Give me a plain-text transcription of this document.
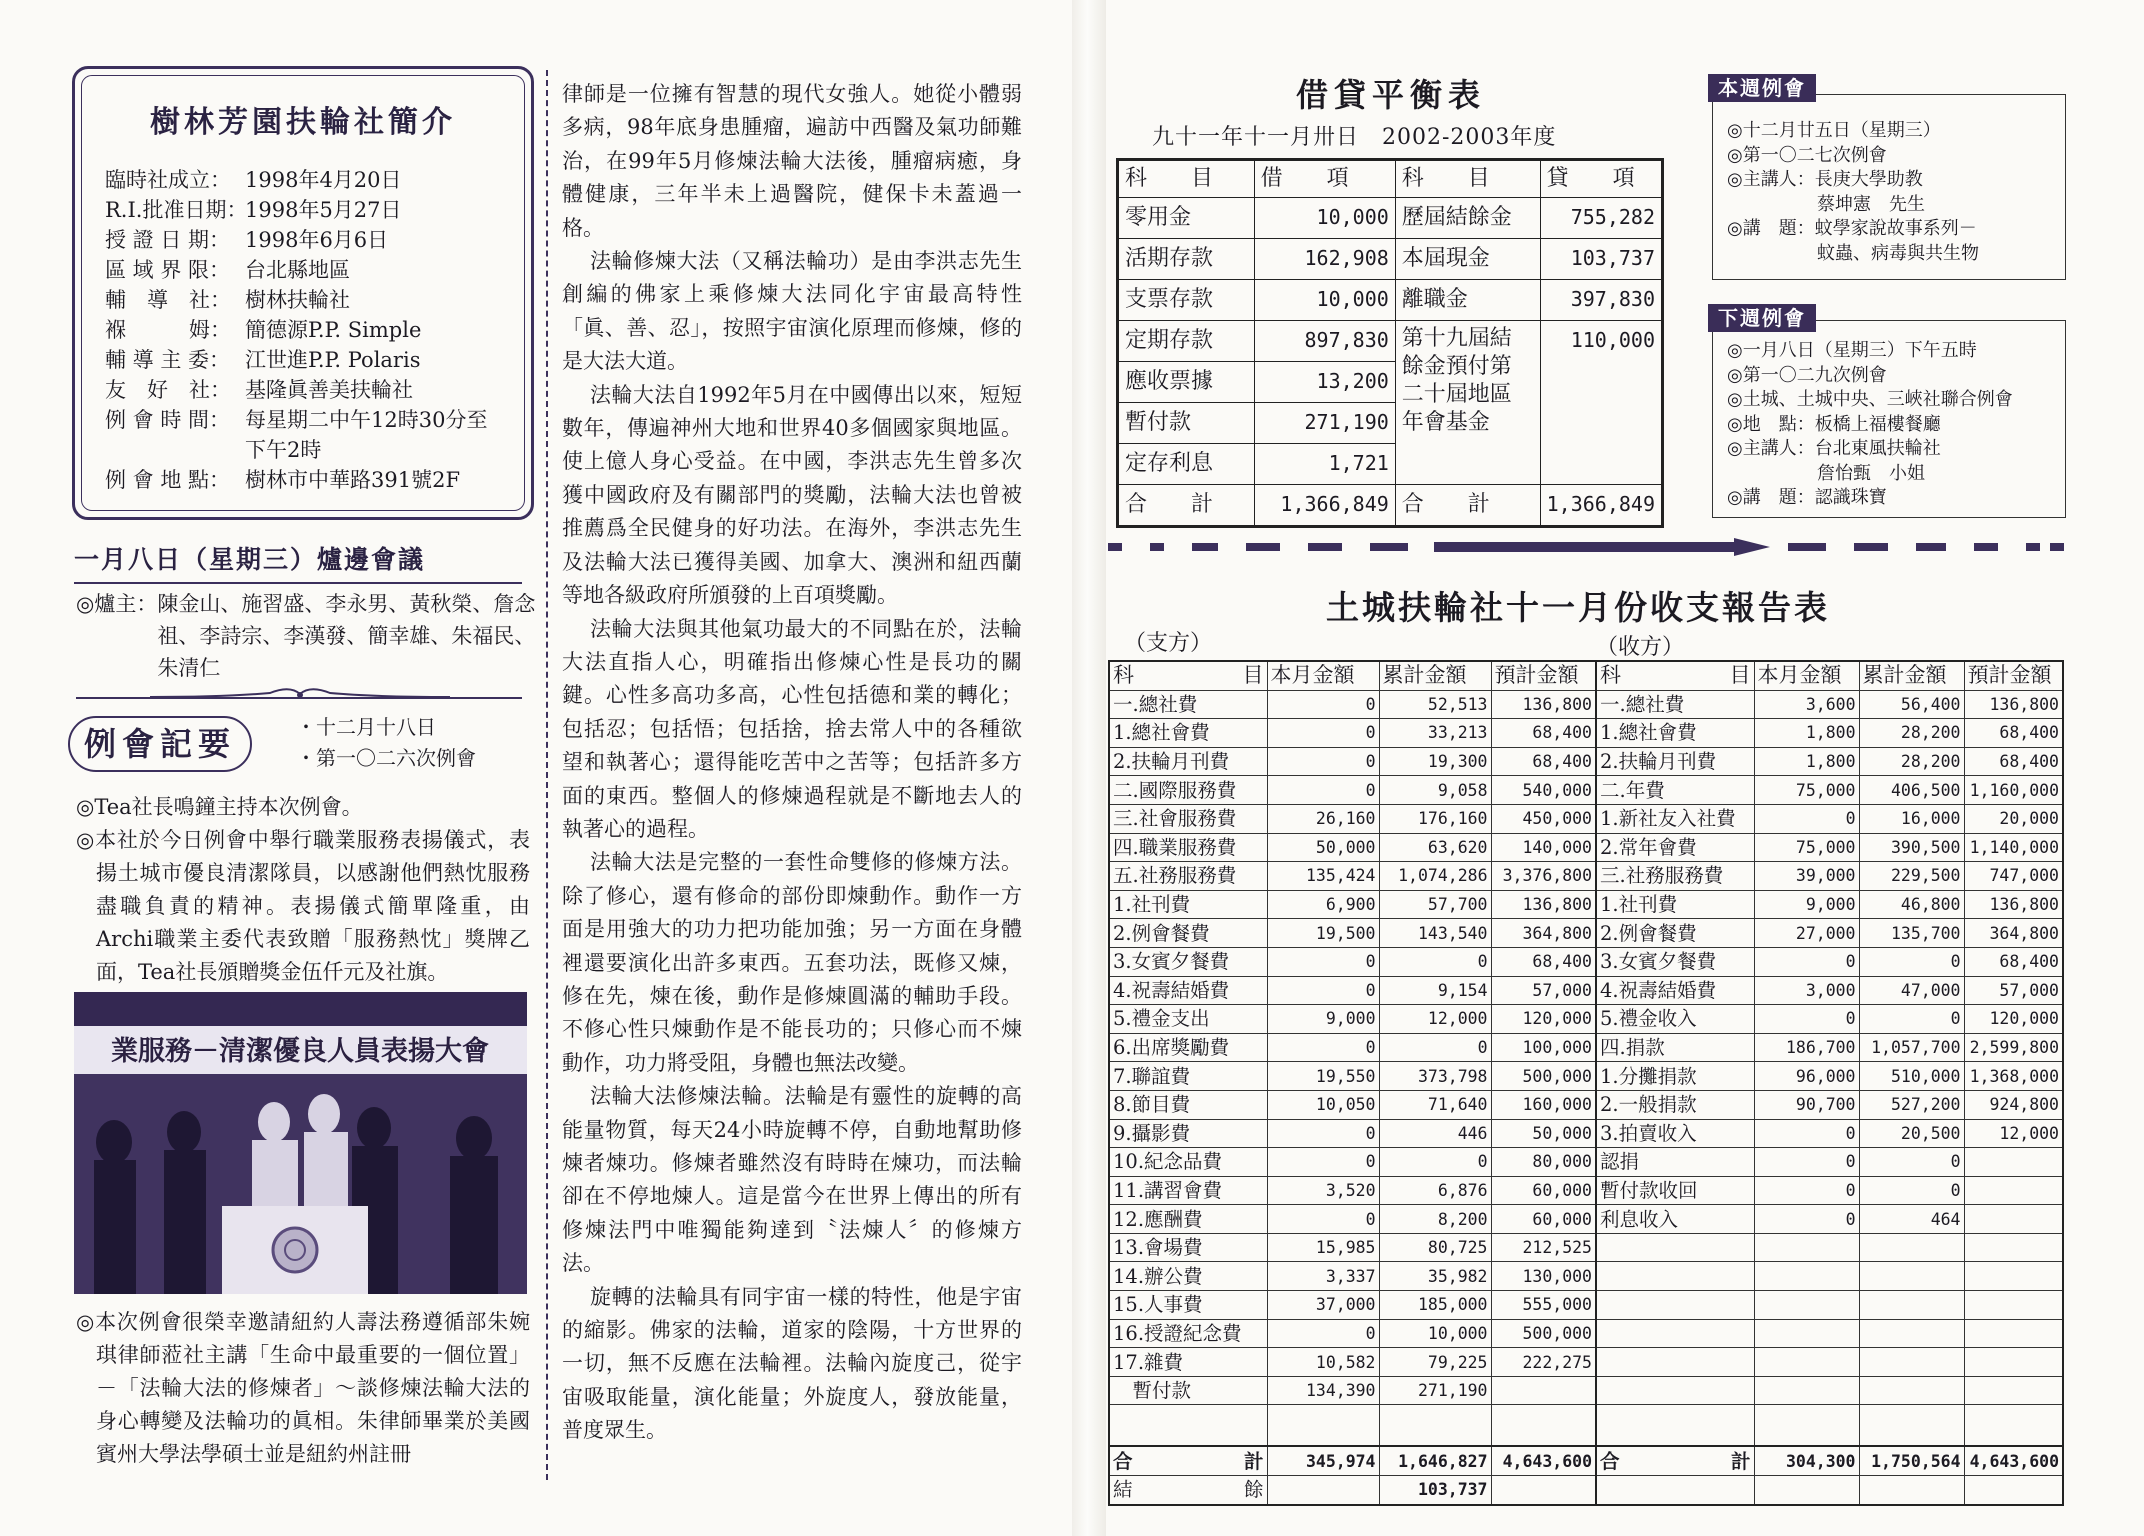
樹林芳園扶輪社簡介
臨時社成立： 1998年4月20日
R.I.批准日期：
1998年5月27日
授 證 日 期： 1998年6月6日
區 域 界 限： 台北縣地區
輔　導　社： 樹林扶輪社
褓　　　姆： 簡德源P.P. Simple
輔 導 主 委： 江世進P.P. Polaris
友　好　社： 基隆眞善美扶輪社
例 會 時 間： 每星期二中午12時30分至下午2時
例 會 地 點： 樹林市中華路391號2F
一月八日（星期三）爐邊會議
◎爐主： 陳金山、施習盛、李永男、黃秋榮、詹念祖、李詩宗、李漢發、簡幸雄、朱福民、朱清仁
例會記要	・十二月十八日
・第一〇二六次例會
◎Tea社長鳴鐘主持本次例會。
◎本社於今日例會中舉行職業服務表揚儀式，表揚土城市優良清潔隊員，以感謝他們熱忱服務盡職負責的精神。表揚儀式簡單隆重，由Archi職業主委代表致贈「服務熱忱」獎牌乙面，Tea社長頒贈獎金伍仟元及社旗。
業服務－清潔優良人員表揚大會
◎本次例會很榮幸邀請紐約人壽法務遵循部朱婉琪律師蒞社主講「生命中最重要的一個位置」－「法輪大法的修煉者」～談修煉法輪大法的身心轉變及法輪功的眞相。朱律師畢業於美國賓州大學法學碩士並是紐約州註冊

律師是一位擁有智慧的現代女強人。她從小體弱多病，98年底身患腫瘤，遍訪中西醫及氣功師難治，在99年5月修煉法輪大法後，腫瘤病癒，身體健康，三年半未上過醫院，健保卡未蓋過一格。

法輪修煉大法（又稱法輪功）是由李洪志先生創編的佛家上乘修煉大法同化宇宙最高特性「眞、善、忍」，按照宇宙演化原理而修煉，修的是大法大道。

法輪大法自1992年5月在中國傳出以來，短短數年，傳遍神州大地和世界40多個國家與地區。使上億人身心受益。在中國，李洪志先生曾多次獲中國政府及有關部門的獎勵，法輪大法也曾被推薦爲全民健身的好功法。在海外，李洪志先生及法輪大法已獲得美國、加拿大、澳洲和紐西蘭等地各級政府所頒發的上百項獎勵。

法輪大法與其他氣功最大的不同點在於，法輪大法直指人心，明確指出修煉心性是長功的關鍵。心性多高功多高，心性包括德和業的轉化；包括忍；包括悟；包括捨，捨去常人中的各種欲望和執著心；還得能吃苦中之苦等；包括許多方面的東西。整個人的修煉過程就是不斷地去人的執著心的過程。

法輪大法是完整的一套性命雙修的修煉方法。除了修心，還有修命的部份即煉動作。動作一方面是用強大的功力把功能加強；另一方面在身體裡還要演化出許多東西。五套功法，既修又煉，修在先，煉在後，動作是修煉圓滿的輔助手段。不修心性只煉動作是不能長功的；只修心而不煉動作，功力將受阻，身體也無法改變。

法輪大法修煉法輪。法輪是有靈性的旋轉的高能量物質，每天24小時旋轉不停，自動地幫助修煉者煉功。修煉者雖然沒有時時在煉功，而法輪卻在不停地煉人。這是當今在世界上傳出的所有修煉法門中唯獨能夠達到〝法煉人〞的修煉方法。

旋轉的法輪具有同宇宙一樣的特性，他是宇宙的縮影。佛家的法輪，道家的陰陽，十方世界的一切，無不反應在法輪裡。法輪內旋度己，從宇宙吸取能量，演化能量；外旋度人，發放能量，普度眾生。

借貸平衡表
九十一年十一月卅日　2002-2003年度
科　　目	借　　項	科　　目	貸　　項
零用金	10,000	歷屆結餘金	755,282
活期存款	162,908	本屆現金	103,737
支票存款	10,000	離職金	397,830
定期存款	897,830	第十九屆結餘金預付第二十屆地區年會基金	110,000
應收票據	13,200		
暫付款	271,190		
定存利息	1,721		
合　　計	1,366,849	合　　計	1,366,849
◎十二月廿五日（星期三）
◎第一〇二七次例會
◎主講人：長庚大學助教
　　　　　蔡坤憲　先生
◎講　題：蚊學家說故事系列－
　　　　　蚊蟲、病毒與共生物
本週例會
◎一月八日（星期三）下午五時
◎第一〇二九次例會
◎土城、土城中央、三峽社聯合例會
◎地　點：板橋上福樓餐廳
◎主講人：台北東風扶輪社
　　　　　詹怡甄　小姐
◎講　題：認識珠寶
下週例會
土城扶輪社十一月份收支報告表
（支方）	（收方）
科 目	本月金額	累計金額	預計金額	科 目	本月金額	累計金額	預計金額
一.總社費	0	52,513	136,800	一.總社費	3,600	56,400	136,800
1.總社會費	0	33,213	68,400	1.總社會費	1,800	28,200	68,400
2.扶輪月刊費	0	19,300	68,400	2.扶輪月刊費	1,800	28,200	68,400
二.國際服務費	0	9,058	540,000	二.年費	75,000	406,500	1,160,000
三.社會服務費	26,160	176,160	450,000	1.新社友入社費	0	16,000	20,000
四.職業服務費	50,000	63,620	140,000	2.常年會費	75,000	390,500	1,140,000
五.社務服務費	135,424	1,074,286	3,376,800	三.社務服務費	39,000	229,500	747,000
1.社刊費	6,900	57,700	136,800	1.社刊費	9,000	46,800	136,800
2.例會餐費	19,500	143,540	364,800	2.例會餐費	27,000	135,700	364,800
3.女賓夕餐費	0	0	68,400	3.女賓夕餐費	0	0	68,400
4.祝壽結婚費	0	9,154	57,000	4.祝壽結婚費	3,000	47,000	57,000
5.禮金支出	9,000	12,000	120,000	5.禮金收入	0	0	120,000
6.出席獎勵費	0	0	100,000	四.捐款	186,700	1,057,700	2,599,800
7.聯誼費	19,550	373,798	500,000	1.分攤捐款	96,000	510,000	1,368,000
8.節目費	10,050	71,640	160,000	2.一般捐款	90,700	527,200	924,800
9.攝影費	0	446	50,000	3.拍賣收入	0	20,500	12,000
10.紀念品費	0	0	80,000	認捐	0	0	
11.講習會費	3,520	6,876	60,000	暫付款收回	0	0	
12.應酬費	0	8,200	60,000	利息收入	0	464	
13.會場費	15,985	80,725	212,525				
14.辦公費	3,337	35,982	130,000				
15.人事費	37,000	185,000	555,000				
16.授證紀念費	0	10,000	500,000				
17.雜費	10,582	79,225	222,275				
　暫付款	134,390	271,190					

合 計	345,974	1,646,827	4,643,600	合 計	304,300	1,750,564	4,643,600

結 餘		103,737					
